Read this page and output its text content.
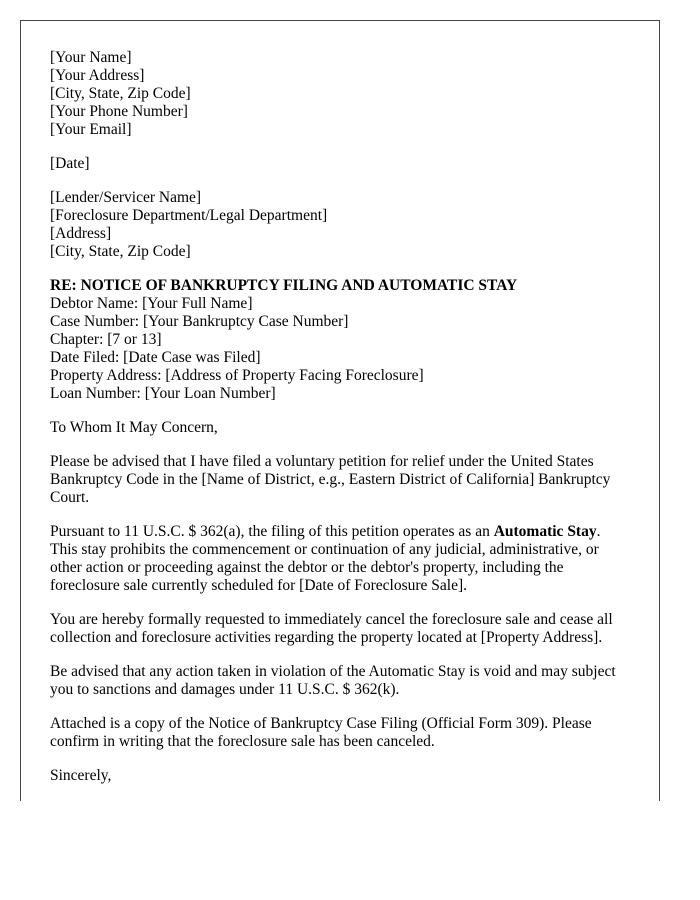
[Your Name]
[Your Address]
[City, State, Zip Code]
[Your Phone Number]
[Your Email]
[Date]
[Lender/Servicer Name]
[Foreclosure Department/Legal Department]
[Address]
[City, State, Zip Code]
RE: NOTICE OF BANKRUPTCY FILING AND AUTOMATIC STAY
Debtor Name: [Your Full Name]
Case Number: [Your Bankruptcy Case Number]
Chapter: [7 or 13]
Date Filed: [Date Case was Filed]
Property Address: [Address of Property Facing Foreclosure]
Loan Number: [Your Loan Number]
To Whom It May Concern,
Please be advised that I have filed a voluntary petition for relief under the United States
Bankruptcy Code in the [Name of District, e.g., Eastern District of California] Bankruptcy
Court.
Pursuant to 11 U.S.C. $ 362(a), the filing of this petition operates as an Automatic Stay.
This stay prohibits the commencement or continuation of any judicial, administrative, or
other action or proceeding against the debtor or the debtor's property, including the
foreclosure sale currently scheduled for [Date of Foreclosure Sale].
You are hereby formally requested to immediately cancel the foreclosure sale and cease all
collection and foreclosure activities regarding the property located at [Property Address].
Be advised that any action taken in violation of the Automatic Stay is void and may subject
you to sanctions and damages under 11 U.S.C. $ 362(k).
Attached is a copy of the Notice of Bankruptcy Case Filing (Official Form 309). Please
confirm in writing that the foreclosure sale has been canceled.
Sincerely,
